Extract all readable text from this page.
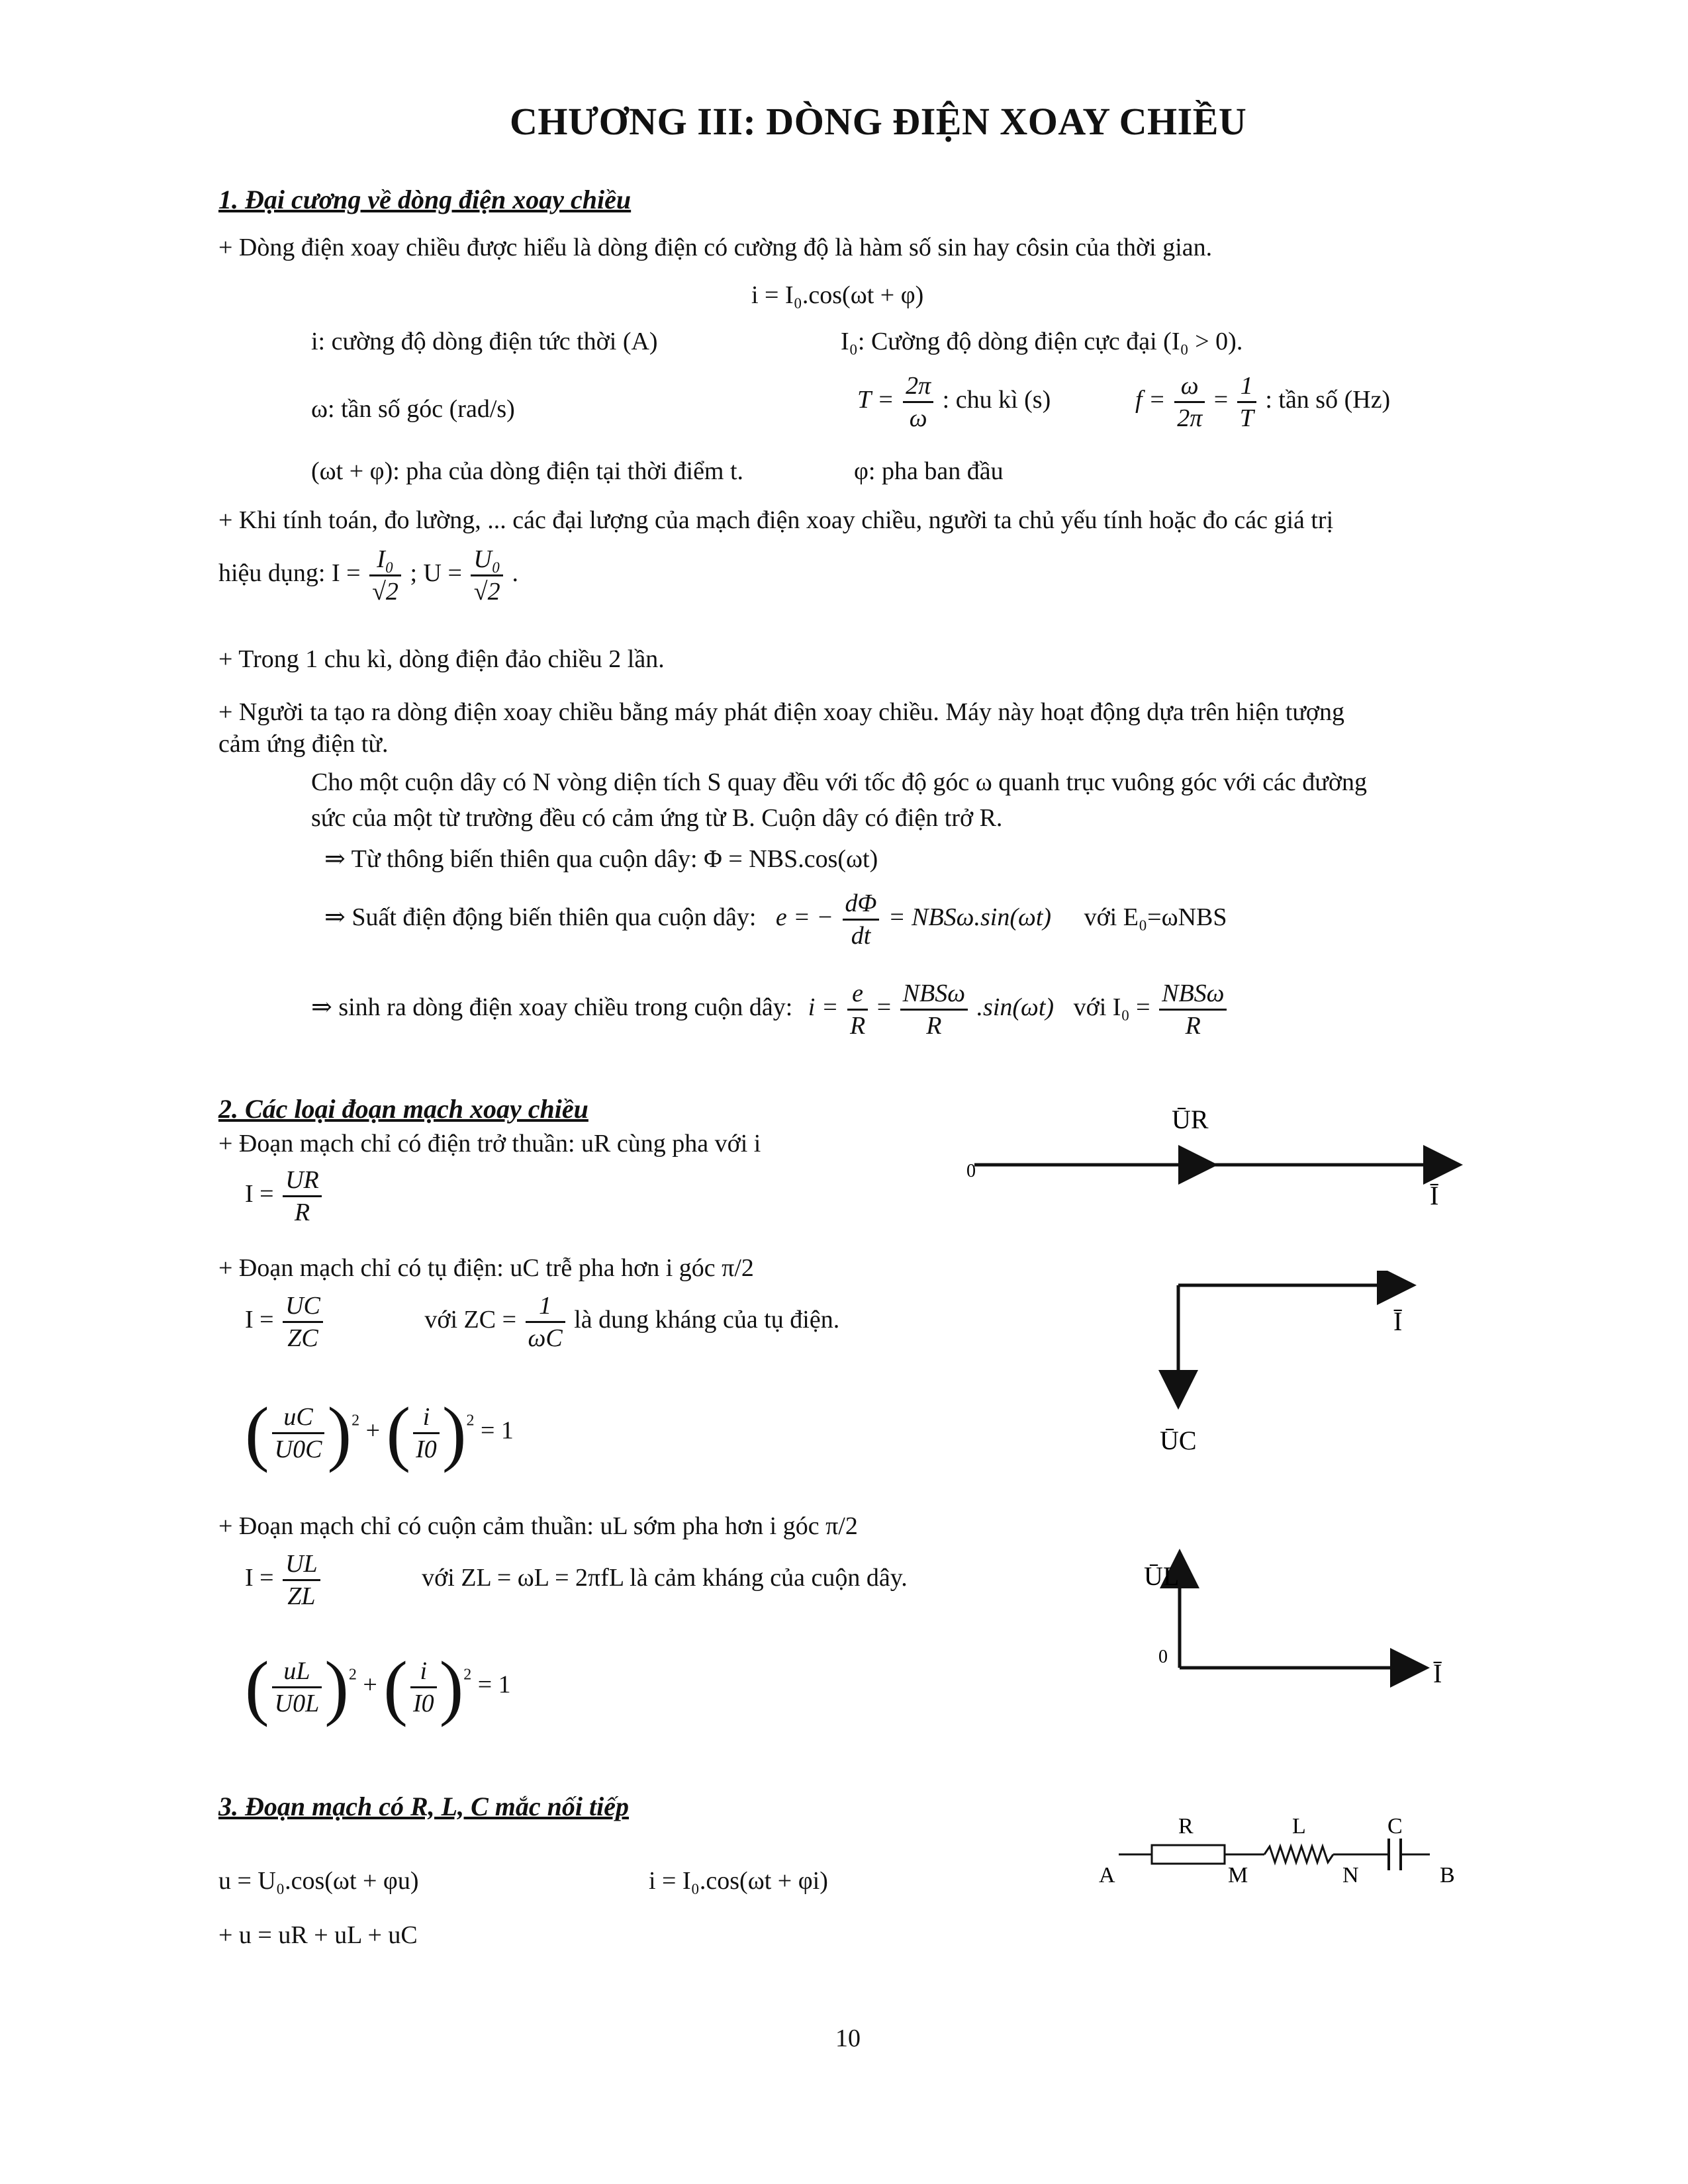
CHƯƠNG III: DÒNG ĐIỆN XOAY CHIỀU
1. Đại cương về dòng điện xoay chiều
+ Dòng điện xoay chiều được hiểu là dòng điện có cường độ là hàm số sin hay côsin của thời gian.
i = I₀.cos(ωt + φ)
i: cường độ dòng điện tức thời (A)	I₀: Cường độ dòng điện cực đại (I₀ > 0).
ω: tần số góc (rad/s)	$T = \frac{2\pi}{\omega}$ : chu kì (s)	$f = \frac{\omega}{2\pi} = \frac{1}{T}$ : tần số (Hz)
(ωt + φ): pha của dòng điện tại thời điểm t.	φ: pha ban đầu
+ Khi tính toán, đo lường, ... các đại lượng của mạch điện xoay chiều, người ta chủ yếu tính hoặc đo các giá trị
hiệu dụng: $I = \frac{\text{I₀}}{√2}$ ; $U = \frac{\text{U₀}}{√2}$ .
+ Trong 1 chu kì, dòng điện đảo chiều 2 lần.
+ Người ta tạo ra dòng điện xoay chiều bằng máy phát điện xoay chiều. Máy này hoạt động dựa trên hiện tượng
cảm ứng điện từ.
Cho một cuộn dây có N vòng diện tích S quay đều với tốc độ góc ω quanh trục vuông góc với các đường
sức của một từ trường đều có cảm ứng từ B. Cuộn dây có điện trở R.
⇒ Từ thông biến thiên qua cuộn dây: Φ = NBS.cos(ωt)
⇒ Suất điện động biến thiên qua cuộn dây: e = − $\frac{d\Phi}{dt} = NBS\omega.\sin(\omega t)$ với E₀=ωNBS
⇒ sinh ra dòng điện xoay chiều trong cuộn dây: $i = \frac{e}{R} = \frac{\text{NBSω}}{R} .\sin(\omega t)$ với $I_0 = \frac{\text{NBSω}}{R}$
2. Các loại đoạn mạch xoay chiều
+ Đoạn mạch chỉ có điện trở thuần: uR cùng pha với i
$I = \frac{UR}{R}$
+ Đoạn mạch chỉ có tụ điện: uC trễ pha hơn i góc π/2
$I = \frac{UC}{ZC}$	với ZC = $\frac{1}{\omega C}$ là dung kháng của tụ điện.
( $\frac{uC}{U0C} )^2$ + ( $\frac{i}{I0} )^2 = 1$
+ Đoạn mạch chỉ có cuộn cảm thuần: uL sớm pha hơn i góc π/2
$I = \frac{UL}{ZL}$	với ZL = ωL = 2πfL là cảm kháng của cuộn dây.
( $\frac{uL}{U0L} )^2$ + ( $\frac{i}{I0} )^2 = 1$
0
ŪR
Ī
Ī
ŪC
ŪL
0
Ī
3. Đoạn mạch có R, L, C mắc nối tiếp
u = U₀.cos(ωt + φu)	i = I₀.cos(ωt + φi)
+ u = uR + uL + uC
A	M	N	B
R	L	C
10
